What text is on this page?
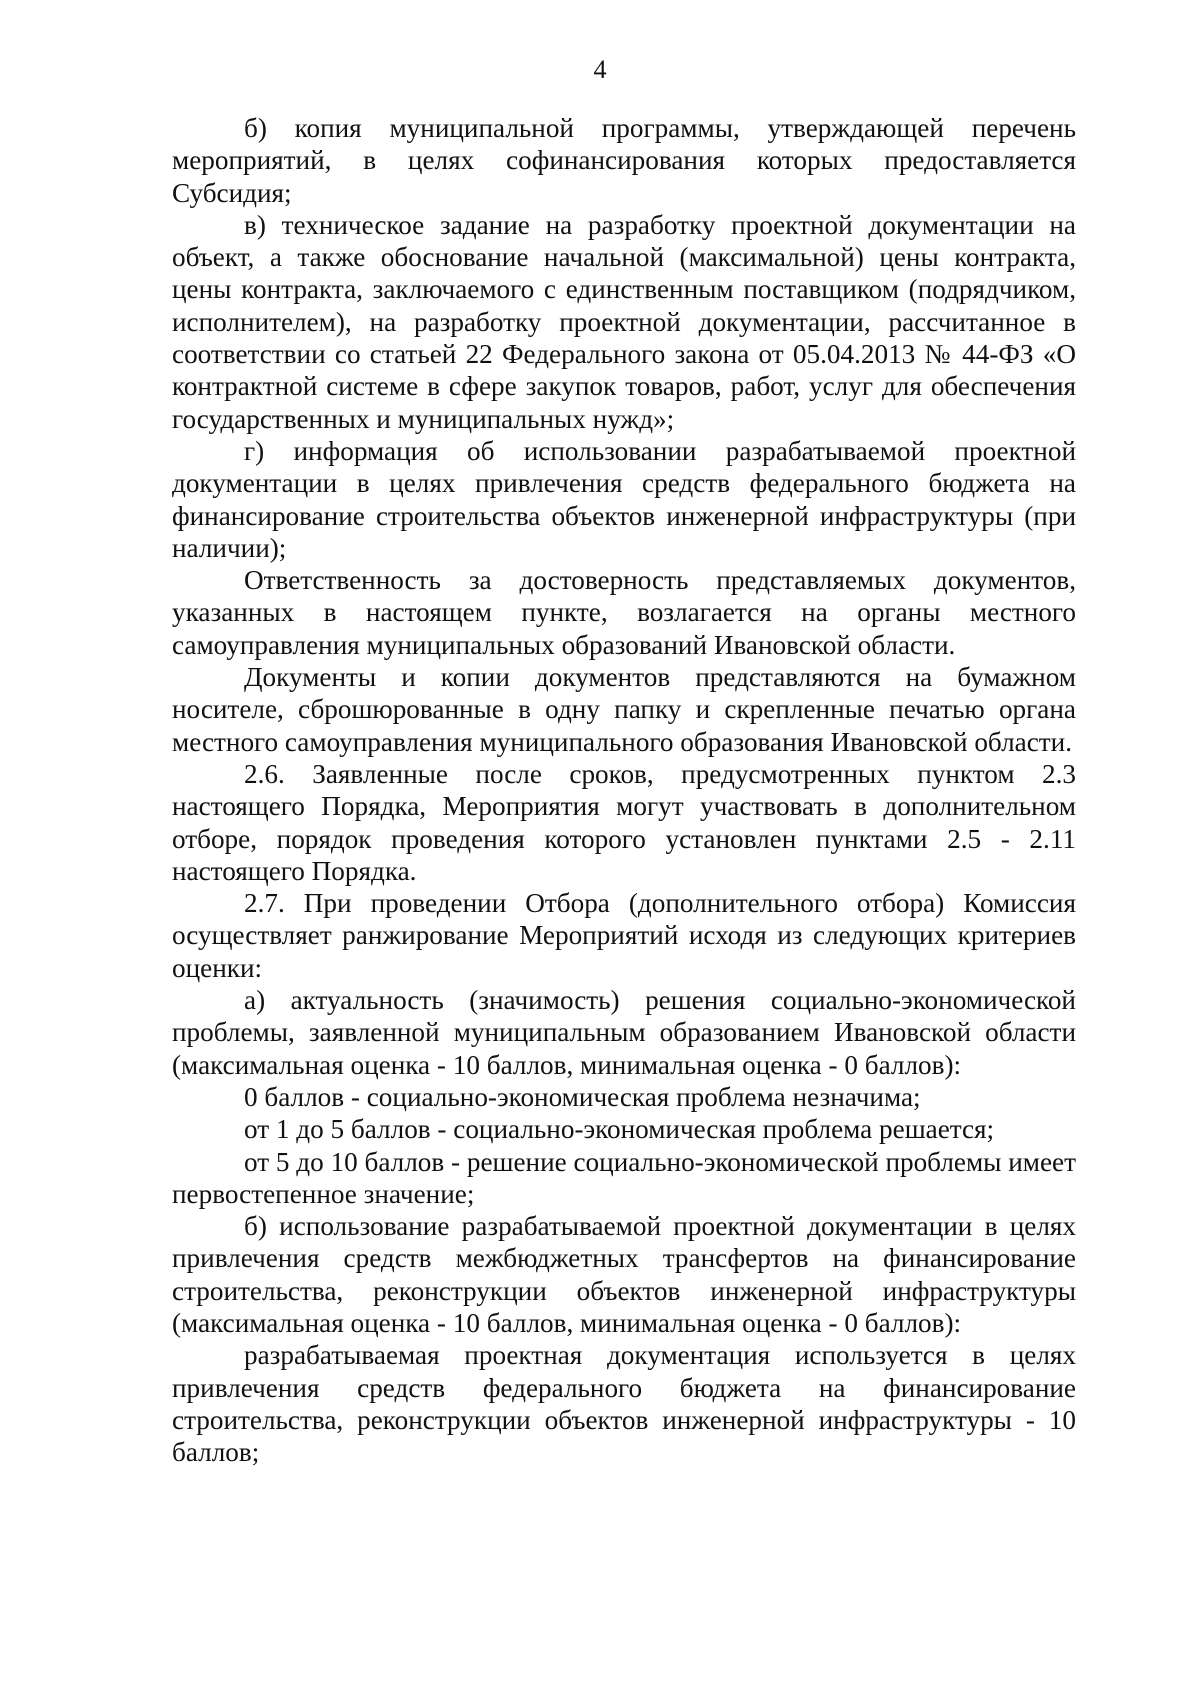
4

б) копия муниципальной программы, утверждающей перечень мероприятий, в целях софинансирования которых предоставляется Субсидия;

в) техническое задание на разработку проектной документации на объект, а также обоснование начальной (максимальной) цены контракта, цены контракта, заключаемого с единственным поставщиком (подрядчиком, исполнителем), на разработку проектной документации, рассчитанное в соответствии со статьей 22 Федерального закона от 05.04.2013 № 44-ФЗ «О контрактной системе в сфере закупок товаров, работ, услуг для обеспечения государственных и муниципальных нужд»;

г) информация об использовании разрабатываемой проектной документации в целях привлечения средств федерального бюджета на финансирование строительства объектов инженерной инфраструктуры (при наличии);

Ответственность за достоверность представляемых документов, указанных в настоящем пункте, возлагается на органы местного самоуправления муниципальных образований Ивановской области.

Документы и копии документов представляются на бумажном носителе, сброшюрованные в одну папку и скрепленные печатью органа местного самоуправления муниципального образования Ивановской области.

2.6. Заявленные после сроков, предусмотренных пунктом 2.3 настоящего Порядка, Мероприятия могут участвовать в дополнительном отборе, порядок проведения которого установлен пунктами 2.5 - 2.11 настоящего Порядка.

2.7. При проведении Отбора (дополнительного отбора) Комиссия осуществляет ранжирование Мероприятий исходя из следующих критериев оценки:

а) актуальность (значимость) решения социально-экономической проблемы, заявленной муниципальным образованием Ивановской области (максимальная оценка - 10 баллов, минимальная оценка - 0 баллов):

0 баллов - социально-экономическая проблема незначима;

от 1 до 5 баллов - социально-экономическая проблема решается;

от 5 до 10 баллов - решение социально-экономической проблемы имеет первостепенное значение;

б) использование разрабатываемой проектной документации в целях привлечения средств межбюджетных трансфертов на финансирование строительства, реконструкции объектов инженерной инфраструктуры (максимальная оценка - 10 баллов, минимальная оценка - 0 баллов):

разрабатываемая проектная документация используется в целях привлечения средств федерального бюджета на финансирование строительства, реконструкции объектов инженерной инфраструктуры - 10 баллов;
